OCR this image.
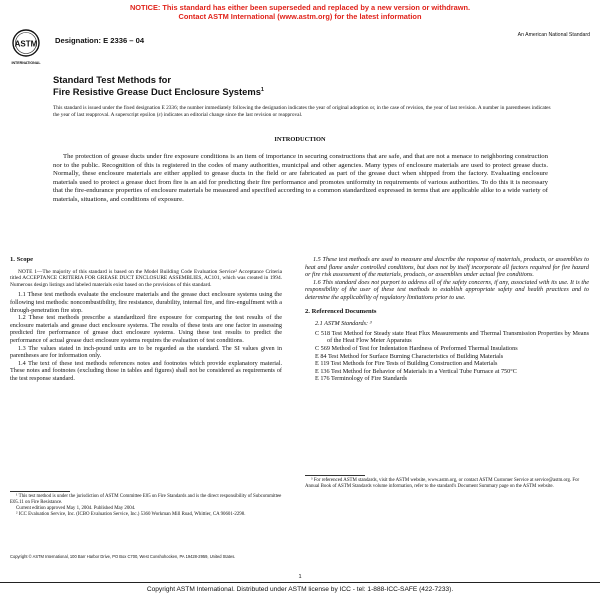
NOTICE: This standard has either been superseded and replaced by a new version or withdrawn.
Contact ASTM International (www.astm.org) for the latest information
ASTM
INTERNATIONAL
Designation: E 2336 – 04
An American National Standard
Standard Test Methods for
Fire Resistive Grease Duct Enclosure Systems$^1$
This standard is issued under the fixed designation E 2336; the number immediately following the designation indicates the year of original adoption or, in the case of revision, the year of last revision. A number in parentheses indicates the year of last reapproval. A superscript epsilon (ε) indicates an editorial change since the last revision or reapproval.
INTRODUCTION
The protection of grease ducts under fire exposure conditions is an item of importance in securing constructions that are safe, and that are not a menace to neighboring construction nor to the public. Recognition of this is registered in the codes of many authorities, municipal and other agencies. Many types of enclosure materials are used to protect grease ducts. Normally, these enclosure materials are either applied to grease ducts in the field or are fabricated as part of the grease duct when shipped from the factory. Evaluating enclosure materials used to protect a grease duct from fire is an aid for predicting their fire performance and promotes uniformity in requirements of various authorities. To do this it is necessary that the fire-endurance properties of enclosure materials be measured and specified according to a common standardized expressed in terms that are applicable alike to a wide variety of materials, situations, and conditions of exposure.
1. Scope

NOTE 1—The majority of this standard is based on the Model Building Code Evaluation Service² Acceptance Criteria titled ACCEPTANCE CRITERIA FOR GREASE DUCT ENCLOSURE ASSEMBLIES, AC101, which was created in 1994. Numerous design listings and labeled materials exist based on the provisions of this standard.

1.1 These test methods evaluate the enclosure materials and the grease duct enclosure systems using the following test methods: noncombustibility, fire resistance, durability, internal fire, and fire-engulfment with a through-penetration fire stop.

1.2 These test methods prescribe a standardized fire exposure for comparing the test results of the enclosure materials and grease duct enclosure systems. The results of these tests are one factor in assessing predicted fire performance of grease duct enclosure systems. Using these test results to predict the performance of actual grease duct enclosure systems requires the evaluation of test conditions.

1.3 The values stated in inch-pound units are to be regarded as the standard. The SI values given in parentheses are for information only.

1.4 The text of these test methods references notes and footnotes which provide explanatory material. These notes and footnotes (excluding those in tables and figures) shall not be considered as requirements of the test response standard.

1.5 These test methods are used to measure and describe the response of materials, products, or assemblies to heat and flame under controlled conditions, but does not by itself incorporate all factors required for fire hazard or fire risk assessment of the materials, products, or assemblies under actual fire conditions.

1.6 This standard does not purport to address all of the safety concerns, if any, associated with its use. It is the responsibility of the user of these test methods to establish appropriate safety and health practices and to determine the applicability of regulatory limitations prior to use.

2. Referenced Documents
2.1 ASTM Standards: ³
C 518 Test Method for Steady state Heat Flux Measurements and Thermal Transmission Properties by Means of the Heat Flow Meter Apparatus
C 569 Method of Test for Indentation Hardness of Preformed Thermal Insulations
E 84 Test Method for Surface Burning Characteristics of Building Materials
E 119 Test Methods for Fire Tests of Building Construction and Materials
E 136 Test Method for Behavior of Materials in a Vertical Tube Furnace at 750°C
E 176 Terminology of Fire Standards

¹ This test method is under the jurisdiction of ASTM Committee E05 on Fire Standards and is the direct responsibility of Subcommittee E05.11 on Fire Resistance.

Current edition approved May 1, 2004. Published May 2004.

² ICC Evaluation Service, Inc. (ICBO Evaluation Service, Inc.) 5360 Workman Mill Road, Whittier, CA 90601-2298.

³ For referenced ASTM standards, visit the ASTM website, www.astm.org, or contact ASTM Customer Service at service@astm.org. For Annual Book of ASTM Standards volume information, refer to the standard's Document Summary page on the ASTM website.

Copyright © ASTM International, 100 Barr Harbor Drive, PO Box C700, West Conshohocken, PA 19428-2959, United States.
1
Copyright ASTM International. Distributed under ASTM license by ICC - tel: 1-888-ICC-SAFE (422-7233).
